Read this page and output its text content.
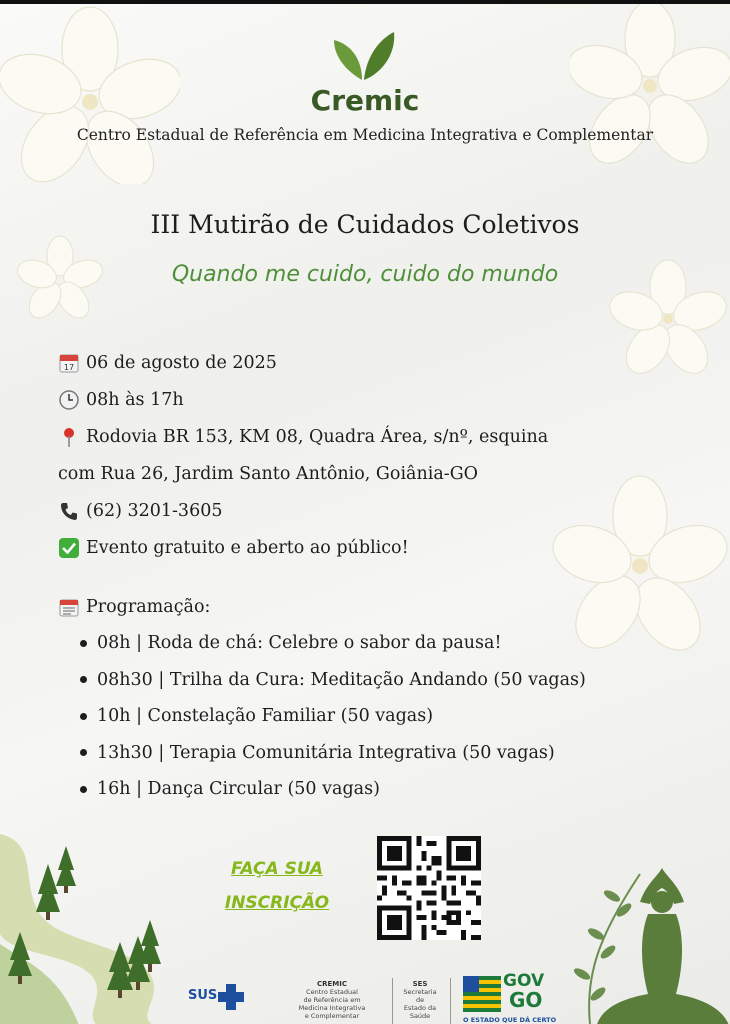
Cremic
Centro Estadual de Referência em Medicina Integrativa e Complementar
III Mutirão de Cuidados Coletivos
Quando me cuido, cuido do mundo
17 06 de agosto de 2025
08h às 17h
Rodovia BR 153, KM 08, Quadra Área, s/nº, esquina
com Rua 26, Jardim Santo Antônio, Goiânia-GO
(62) 3201-3605
Evento gratuito e aberto ao público!
Programação:
08h | Roda de chá: Celebre o sabor da pausa!
08h30 | Trilha da Cura: Meditação Andando (50 vagas)
10h | Constelação Familiar (50 vagas)
13h30 | Terapia Comunitária Integrativa (50 vagas)
16h | Dança Circular (50 vagas)
FAÇA SUA
INSCRIÇÃO
SUS
CREMIC
Centro Estadual
de Referência em
Medicina Integrativa
e Complementar
SES
Secretaria de
Estado da
Saúde
GOV
GO
O ESTADO QUE DÁ CERTO
